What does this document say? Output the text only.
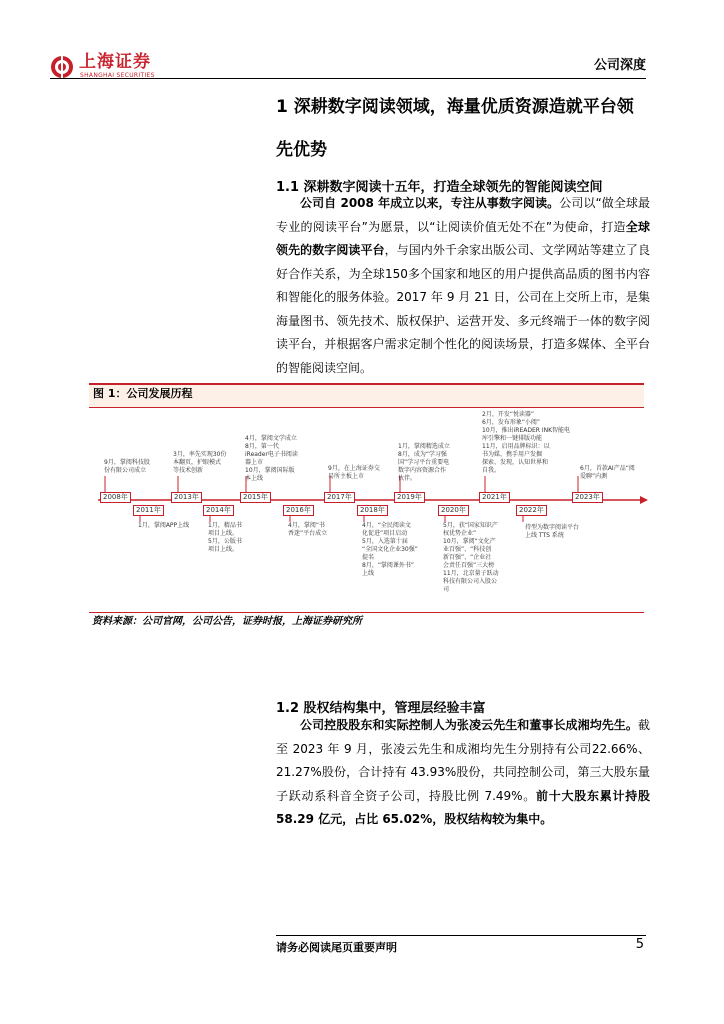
上海证券
SHANGHAI SECURITIES
公司深度
1 深耕数字阅读领域，海量优质资源造就平台领
先优势
1.1 深耕数字阅读十五年，打造全球领先的智能阅读空间
公司自 2008 年成立以来，专注从事数字阅读。公司以“做全球最专业的阅读平台”为愿景，以“让阅读价值无处不在”为使命，打造全球领先的数字阅读平台，与国内外千余家出版公司、文学网站等建立了良好合作关系，为全球150多个国家和地区的用户提供高品质的图书内容和智能化的服务体验。2017 年 9 月 21 日，公司在上交所上市，是集海量图书、领先技术、版权保护、运营开发、多元终端于一体的数字阅读平台，并根据客户需求定制个性化的阅读场景，打造多媒体、全平台的智能阅读空间。
图 1：公司发展历程
2008年
2011年
2013年
2014年
2015年
2016年
2017年
2018年
2019年
2020年
2021年
2022年
2023年
9月，掌阅科技股
份有限公司成立
3月，率先实现30份
本翻页，护眼模式
等技术创新
4月，掌阅文学成立
8月，第一代
iReader电子书阅读
器上市
10月，掌阅国际版
本上线
9月，在上海证券交
易所主板上市
1月，掌阅精选成立
8月，成为“学习强
国”学习平台重要电
数字内容资源合作
伙伴。
2月，开发“悦读器”
6月，发布形象“小阅”
10月，推出iREADER INK智能电
库引擎和一键排版功能
11月，启用品牌标识：以
书为媒，携手用户发掘
探索、发现，认知世界和
自我。	6月，首款AI产品“阅
爱聊”内测
1月，掌阅APP上线	1月，精品书
项目上线。
5月，公版书
项目上线。
4月，掌阅“书
香迷”平台成立
4月，“全民阅读文
化促进”项目启动
5月，入选第十届
“全国文化企业30强”
提名
8月，“掌阅课外书”
上线
5月，获“国家知识产
权优势企业”
10月，掌阅“文化产
业百强”、“科技创
新百强”、“企业社
会责任百强”三大榜
11月，北京量子跃动
科技有限公司入股公
司
持型为数字阅读平台
上线 TTS 系统
资料来源：公司官网，公司公告，证券时报，上海证券研究所
1.2 股权结构集中，管理层经验丰富
公司控股股东和实际控制人为张凌云先生和董事长成湘均先生。截至 2023 年 9 月，张凌云先生和成湘均先生分别持有公司22.66%、21.27%股份，合计持有 43.93%股份，共同控制公司，第三大股东量子跃动系科音全资子公司，持股比例 7.49%。前十大股东累计持股 58.29 亿元，占比 65.02%，股权结构较为集中。
请务必阅读尾页重要声明	5
